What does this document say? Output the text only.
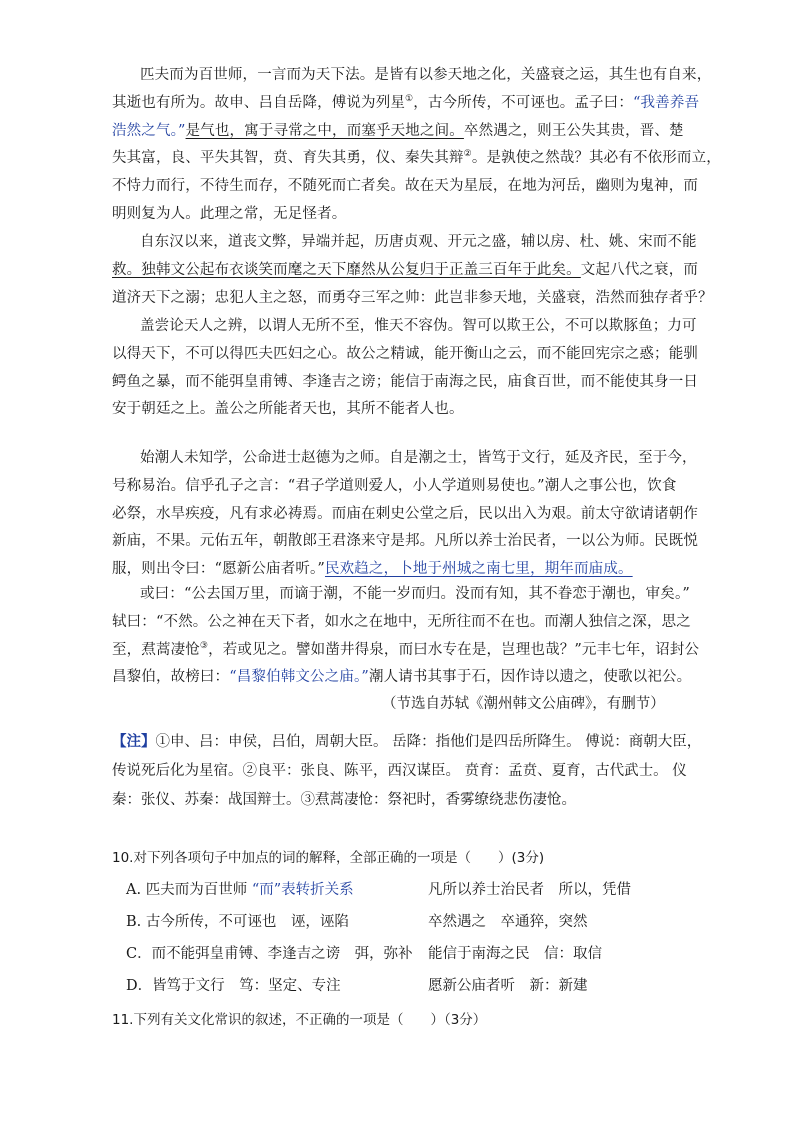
匹夫而为百世师，一言而为天下法。是皆有以参天地之化，关盛衰之运，其生也有自来，
其逝也有所为。故申、吕自岳降，傅说为列星①，古今所传，不可诬也。孟子曰：“我善养吾
浩然之气。”是气也，寓于寻常之中，而塞乎天地之间。卒然遇之，则王公失其贵，晋、楚
失其富，良、平失其智，贲、育失其勇，仪、秦失其辩②。是孰使之然哉？其必有不依形而立，
不恃力而行，不待生而存，不随死而亡者矣。故在天为星辰，在地为河岳，幽则为鬼神，而
明则复为人。此理之常，无足怪者。
自东汉以来，道丧文弊，异端并起，历唐贞观、开元之盛，辅以房、杜、姚、宋而不能
救。独韩文公起布衣谈笑而麾之天下靡然从公复归于正盖三百年于此矣。文起八代之衰，而
道济天下之溺；忠犯人主之怒，而勇夺三军之帅：此岂非参天地，关盛衰，浩然而独存者乎？
盖尝论天人之辨，以谓人无所不至，惟天不容伪。智可以欺王公，不可以欺豚鱼；力可
以得天下，不可以得匹夫匹妇之心。故公之精诚，能开衡山之云，而不能回宪宗之惑；能驯
鳄鱼之暴，而不能弭皇甫镈、李逢吉之谤；能信于南海之民，庙食百世，而不能使其身一日
安于朝廷之上。盖公之所能者天也，其所不能者人也。
始潮人未知学，公命进士赵德为之师。自是潮之士，皆笃于文行，延及齐民，至于今，
号称易治。信乎孔子之言：“君子学道则爱人，小人学道则易使也。”潮人之事公也，饮食
必祭，水旱疾疫，凡有求必祷焉。而庙在刺史公堂之后，民以出入为艰。前太守欲请诸朝作
新庙，不果。元佑五年，朝散郎王君涤来守是邦。凡所以养士治民者，一以公为师。民既悦
服，则出令曰：“愿新公庙者听。”民欢趋之，卜地于州城之南七里，期年而庙成。
或曰：“公去国万里，而谪于潮，不能一岁而归。没而有知，其不眷恋于潮也，审矣。”
轼曰：“不然。公之神在天下者，如水之在地中，无所往而不在也。而潮人独信之深，思之
至，焄蒿凄怆③，若或见之。譬如凿井得泉，而曰水专在是，岂理也哉？”元丰七年，诏封公
昌黎伯，故榜曰：“昌黎伯韩文公之庙。”潮人请书其事于石，因作诗以遗之，使歌以祀公。
（节选自苏轼《潮州韩文公庙碑》，有删节）
【注】①申、吕：申侯，吕伯，周朝大臣。 岳降：指他们是四岳所降生。 傅说：商朝大臣，
传说死后化为星宿。②良平：张良、陈平，西汉谋臣。 贲育：孟贲、夏育，古代武士。 仪
秦：张仪、苏秦：战国辩士。③焄蒿凄怆：祭祀时，香雾缭绕悲伤凄怆。
10.对下列各项句子中加点的词的解释，全部正确的一项是（　　）(3分)
A. 匹夫而为百世师 “而”表转折关系	凡所以养士治民者　所以，凭借
B. 古今所传，不可诬也　诬，诬陷	卒然遇之　卒通猝，突然
C．而不能弭皇甫镈、李逢吉之谤　弭，弥补 能信于南海之民　信：取信
D．皆笃于文行　笃：坚定、专注	愿新公庙者听　新：新建
11.下列有关文化常识的叙述，不正确的一项是（　　）（3分）
